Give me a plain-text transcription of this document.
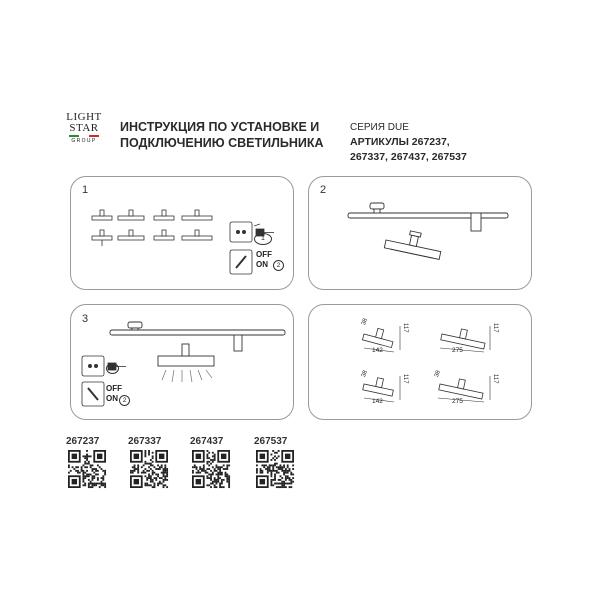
LIGHT
STAR
GROUP
ИНСТРУКЦИЯ ПО УСТАНОВКЕ И
ПОДКЛЮЧЕНИЮ СВЕТИЛЬНИКА
СЕРИЯ DUE
АРТИКУЛЫ 267237,
267337, 267437, 267537
1
1
OFF
ON	2
2
3
1
OFF
ON 2
38
117
142
117
275
38
117
142
38
117
275
267237	267337	267437	267537
